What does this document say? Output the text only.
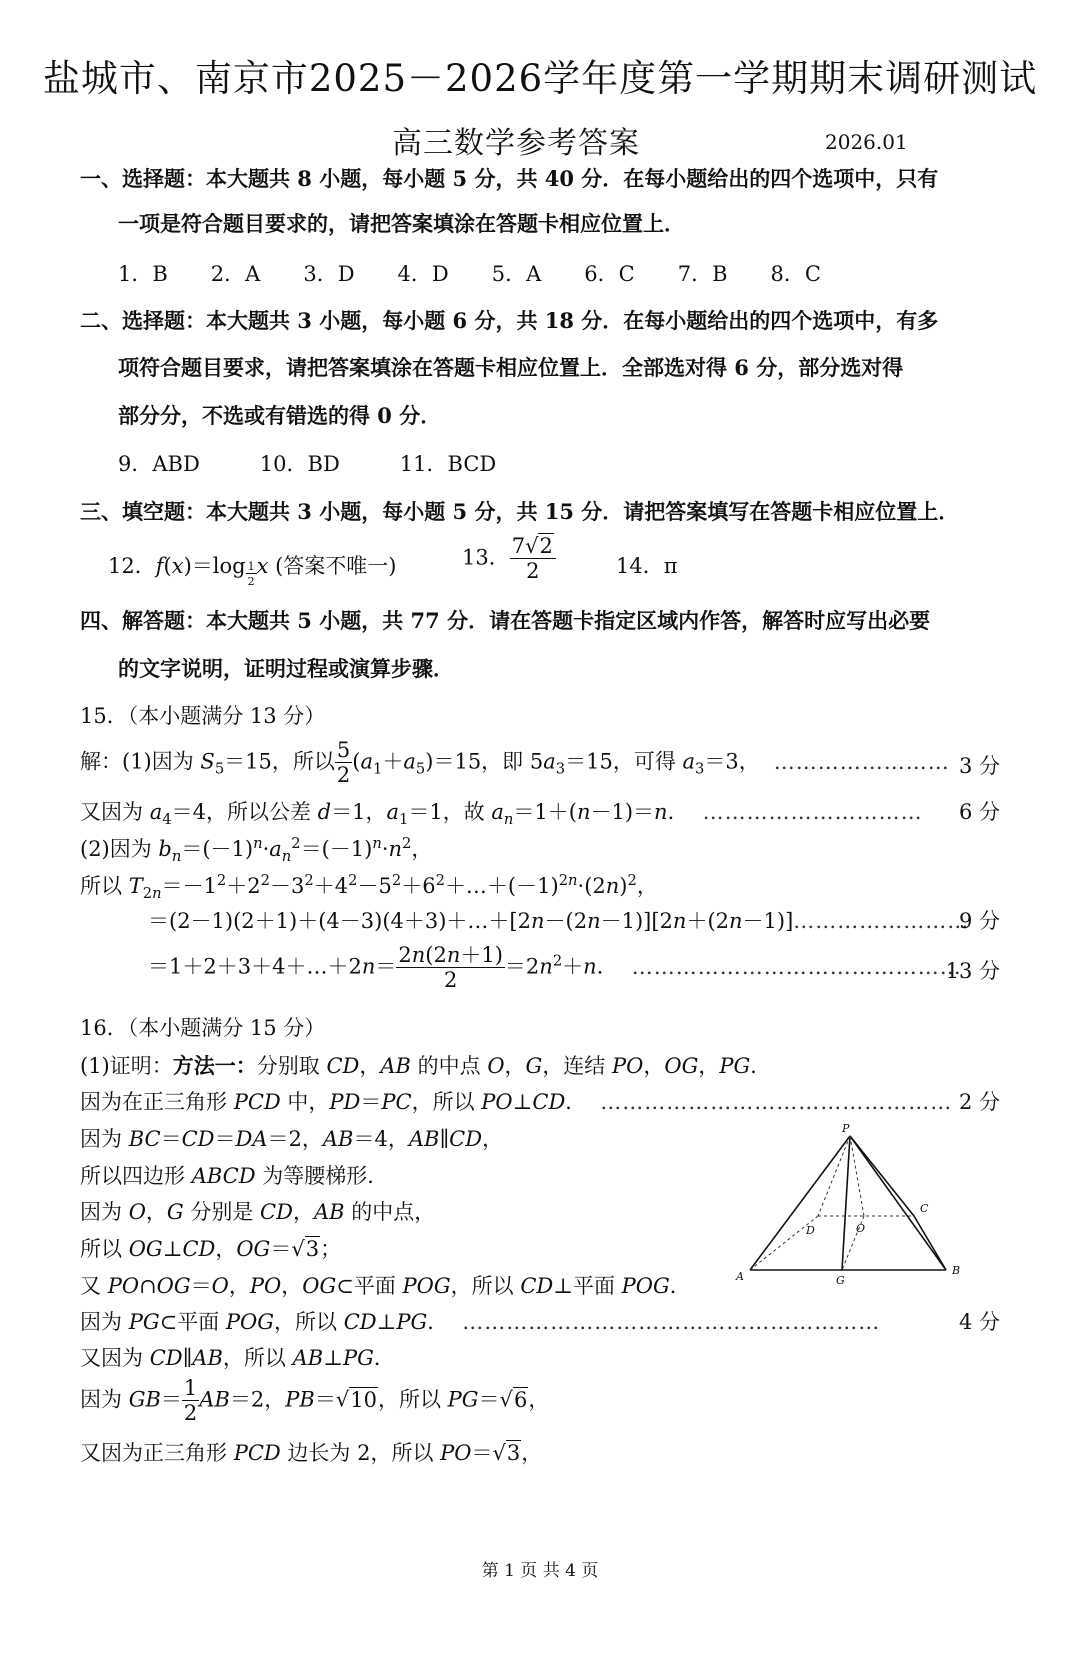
盐城市、南京市2025－2026学年度第一学期期末调研测试
高三数学参考答案	2026.01
一、选择题：本大题共 8 小题，每小题 5 分，共 40 分．在每小题给出的四个选项中，只有
一项是符合题目要求的，请把答案填涂在答题卡相应位置上．
1．B 2．A 3．D 4．D 5．A 6．C 7．B 8．C
二、选择题：本大题共 3 小题，每小题 6 分，共 18 分．在每小题给出的四个选项中，有多
项符合题目要求，请把答案填涂在答题卡相应位置上．全部选对得 6 分，部分选对得
部分分，不选或有错选的得 0 分．
9．ABD	10．BD	11．BCD
三、填空题：本大题共 3 小题，每小题 5 分，共 15 分．请把答案填写在答题卡相应位置上．
12．f(x)＝log $_{\frac{1}{2}}$ x (答案不唯一)	13． $\frac{7√2}{2}$	14．π
四、解答题：本大题共 5 小题，共 77 分．请在答题卡指定区域内作答，解答时应写出必要
的文字说明，证明过程或演算步骤．
15．（本小题满分 13 分）
解：(1)因为 $S_5=15$，所以 $\frac{5}{2} (a_1+a_5)=15$，即 $5a_3=15$，可得 $a_3=3$， …………………… 3 分
又因为 $a_4=4$，所以公差 d＝1，$a_1=1$，故 $a_n=1+(n-1)=n$． ………………………… 6 分
(2)因为 $b_n=(-1)^n\cdot a_n^2=(-1)^n\cdot n^2$，
所以 $T_{2n}=-1^2+2^2-3^2+4^2-5^2+6^2+\dots+(-1)^{2n}\cdot(2n)^2$，
＝(2－1)(2＋1)＋(4－3)(4＋3)＋…＋[2n－(2n－1)][2n＋(2n－1)]……………………
9 分
＝1＋2＋3＋4＋…＋2n＝ $\frac{2n(2n+1)}{2} =2n^2+n$． ………………………………………
13 分
16．（本小题满分 15 分）
(1)证明：方法一：分别取 CD，AB 的中点 O，G，连结 PO，OG，PG．
因为在正三角形 PCD 中，PD＝PC，所以 PO⊥CD． ………………………………………… 2 分
因为 BC＝CD＝DA＝2，AB＝4，AB∥CD，
所以四边形 ABCD 为等腰梯形．
因为 O，G 分别是 CD，AB 的中点，
所以 OG⊥CD，OG＝√3；
又 PO∩OG＝O，PO，OG⊂平面 POG，所以 CD⊥平面 POG．
因为 PG⊂平面 POG，所以 CD⊥PG． …………………………………………………	4 分
又因为 CD∥AB，所以 AB⊥PG．
因为 $GB= \frac{1}{2} AB=2$，PB＝√10，所以 PG＝√6，
又因为正三角形 PCD 边长为 2，所以 PO＝√3，
P
D	O
C
A	G
B
第 1 页 共 4 页
